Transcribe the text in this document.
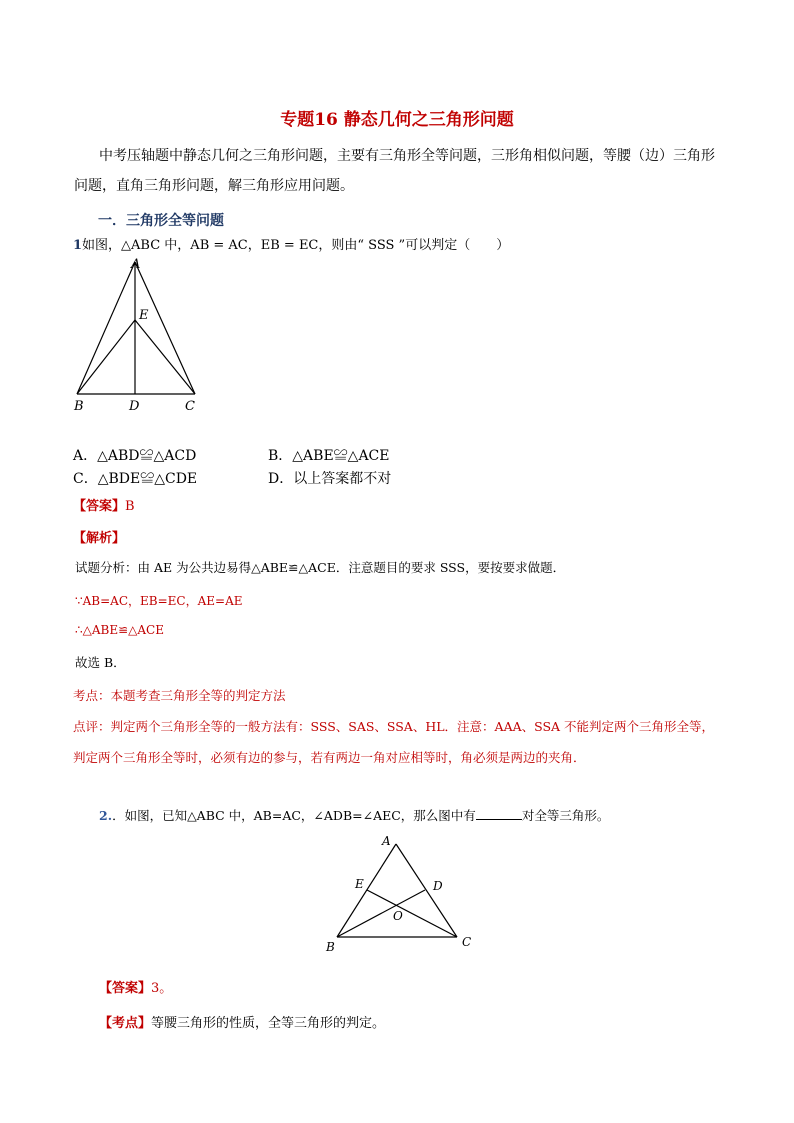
专题16 静态几何之三角形问题
中考压轴题中静态几何之三角形问题，主要有三角形全等问题，三形角相似问题，等腰（边）三角形
问题，直角三角形问题，解三角形应用问题。
一．三角形全等问题
1如图，△ABC 中，AB = AC，EB = EC，则由“ SSS ”可以判定（　　）
A
E
B	D	C
A．△ABD≌△ACD	B．△ABE≌△ACE
C．△BDE≌△CDE	D．以上答案都不对
【答案】B
【解析】
试题分析：由 AE 为公共边易得△ABE≌△ACE．注意题目的要求 SSS，要按要求做题．
∵AB=AC，EB=EC，AE=AE
∴△ABE≌△ACE
故选 B．
考点：本题考查三角形全等的判定方法
点评：判定两个三角形全等的一般方法有：SSS、SAS、SSA、HL．注意：AAA、SSA 不能判定两个三角形全等，
判定两个三角形全等时，必须有边的参与，若有两边一角对应相等时，角必须是两边的夹角．
2.．如图，已知△ABC 中，AB=AC，∠ADB=∠AEC，那么图中有	对全等三角形。
A
E	D
O
B	C
【答案】3。
【考点】等腰三角形的性质，全等三角形的判定。
